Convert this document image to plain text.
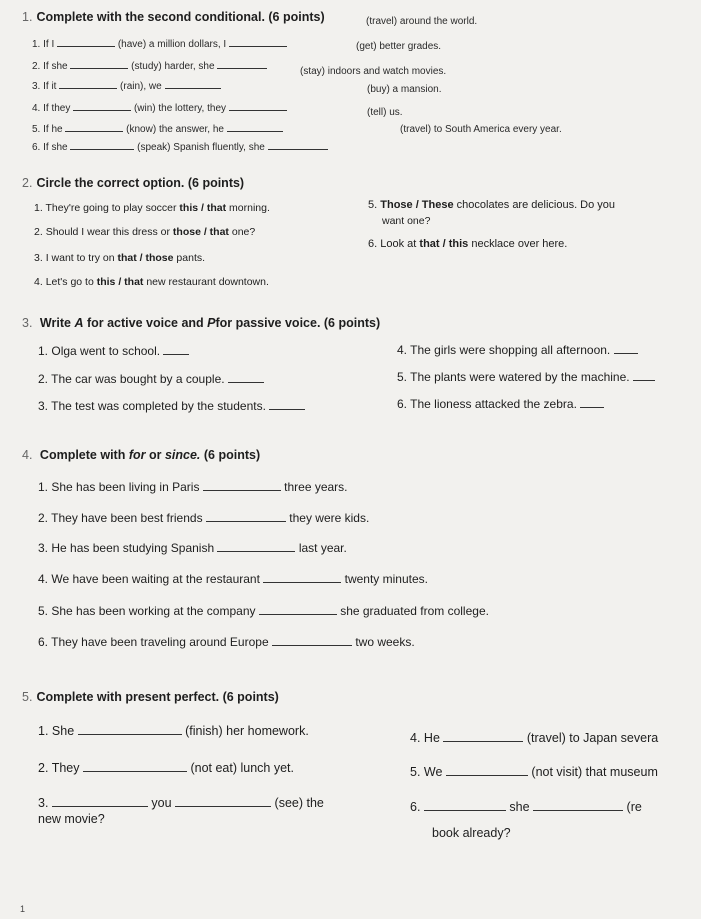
1. Complete with the second conditional. (6 points)
1. If I	(have) a million dollars, I
(travel) around the world.
2. If she	(study) harder, she
(get) better grades.
3. If it	(rain), we
(stay) indoors and watch movies.
4. If they	(win) the lottery, they
(buy) a mansion.
5. If he	(know) the answer, he
(tell) us.
6. If she	(speak) Spanish fluently, she
(travel) to South America every year.
2. Circle the correct option. (6 points)
1. They're going to play soccer this / that morning.
2. Should I wear this dress or those / that one?
3. I want to try on that / those pants.
4. Let's go to this / that new restaurant downtown.
5. Those / These chocolates are delicious. Do you
want one?
6. Look at that / this necklace over here.
3. Write A for active voice and Pfor passive voice. (6 points)
1. Olga went to school.
2. The car was bought by a couple.
3. The test was completed by the students.
4. The girls were shopping all afternoon.
5. The plants were watered by the machine.
6. The lioness attacked the zebra.
4. Complete with for or since. (6 points)
1. She has been living in Paris	three years.
2. They have been best friends	they were kids.
3. He has been studying Spanish	last year.
4. We have been waiting at the restaurant	twenty minutes.
5. She has been working at the company	she graduated from college.
6. They have been traveling around Europe	two weeks.
5. Complete with present perfect. (6 points)
1. She	(finish) her homework.
2. They	(not eat) lunch yet.
3.	you	(see) the
new movie?
4. He	(travel) to Japan severa
5. We	(not visit) that museum
6.	she	(re
book already?
1
